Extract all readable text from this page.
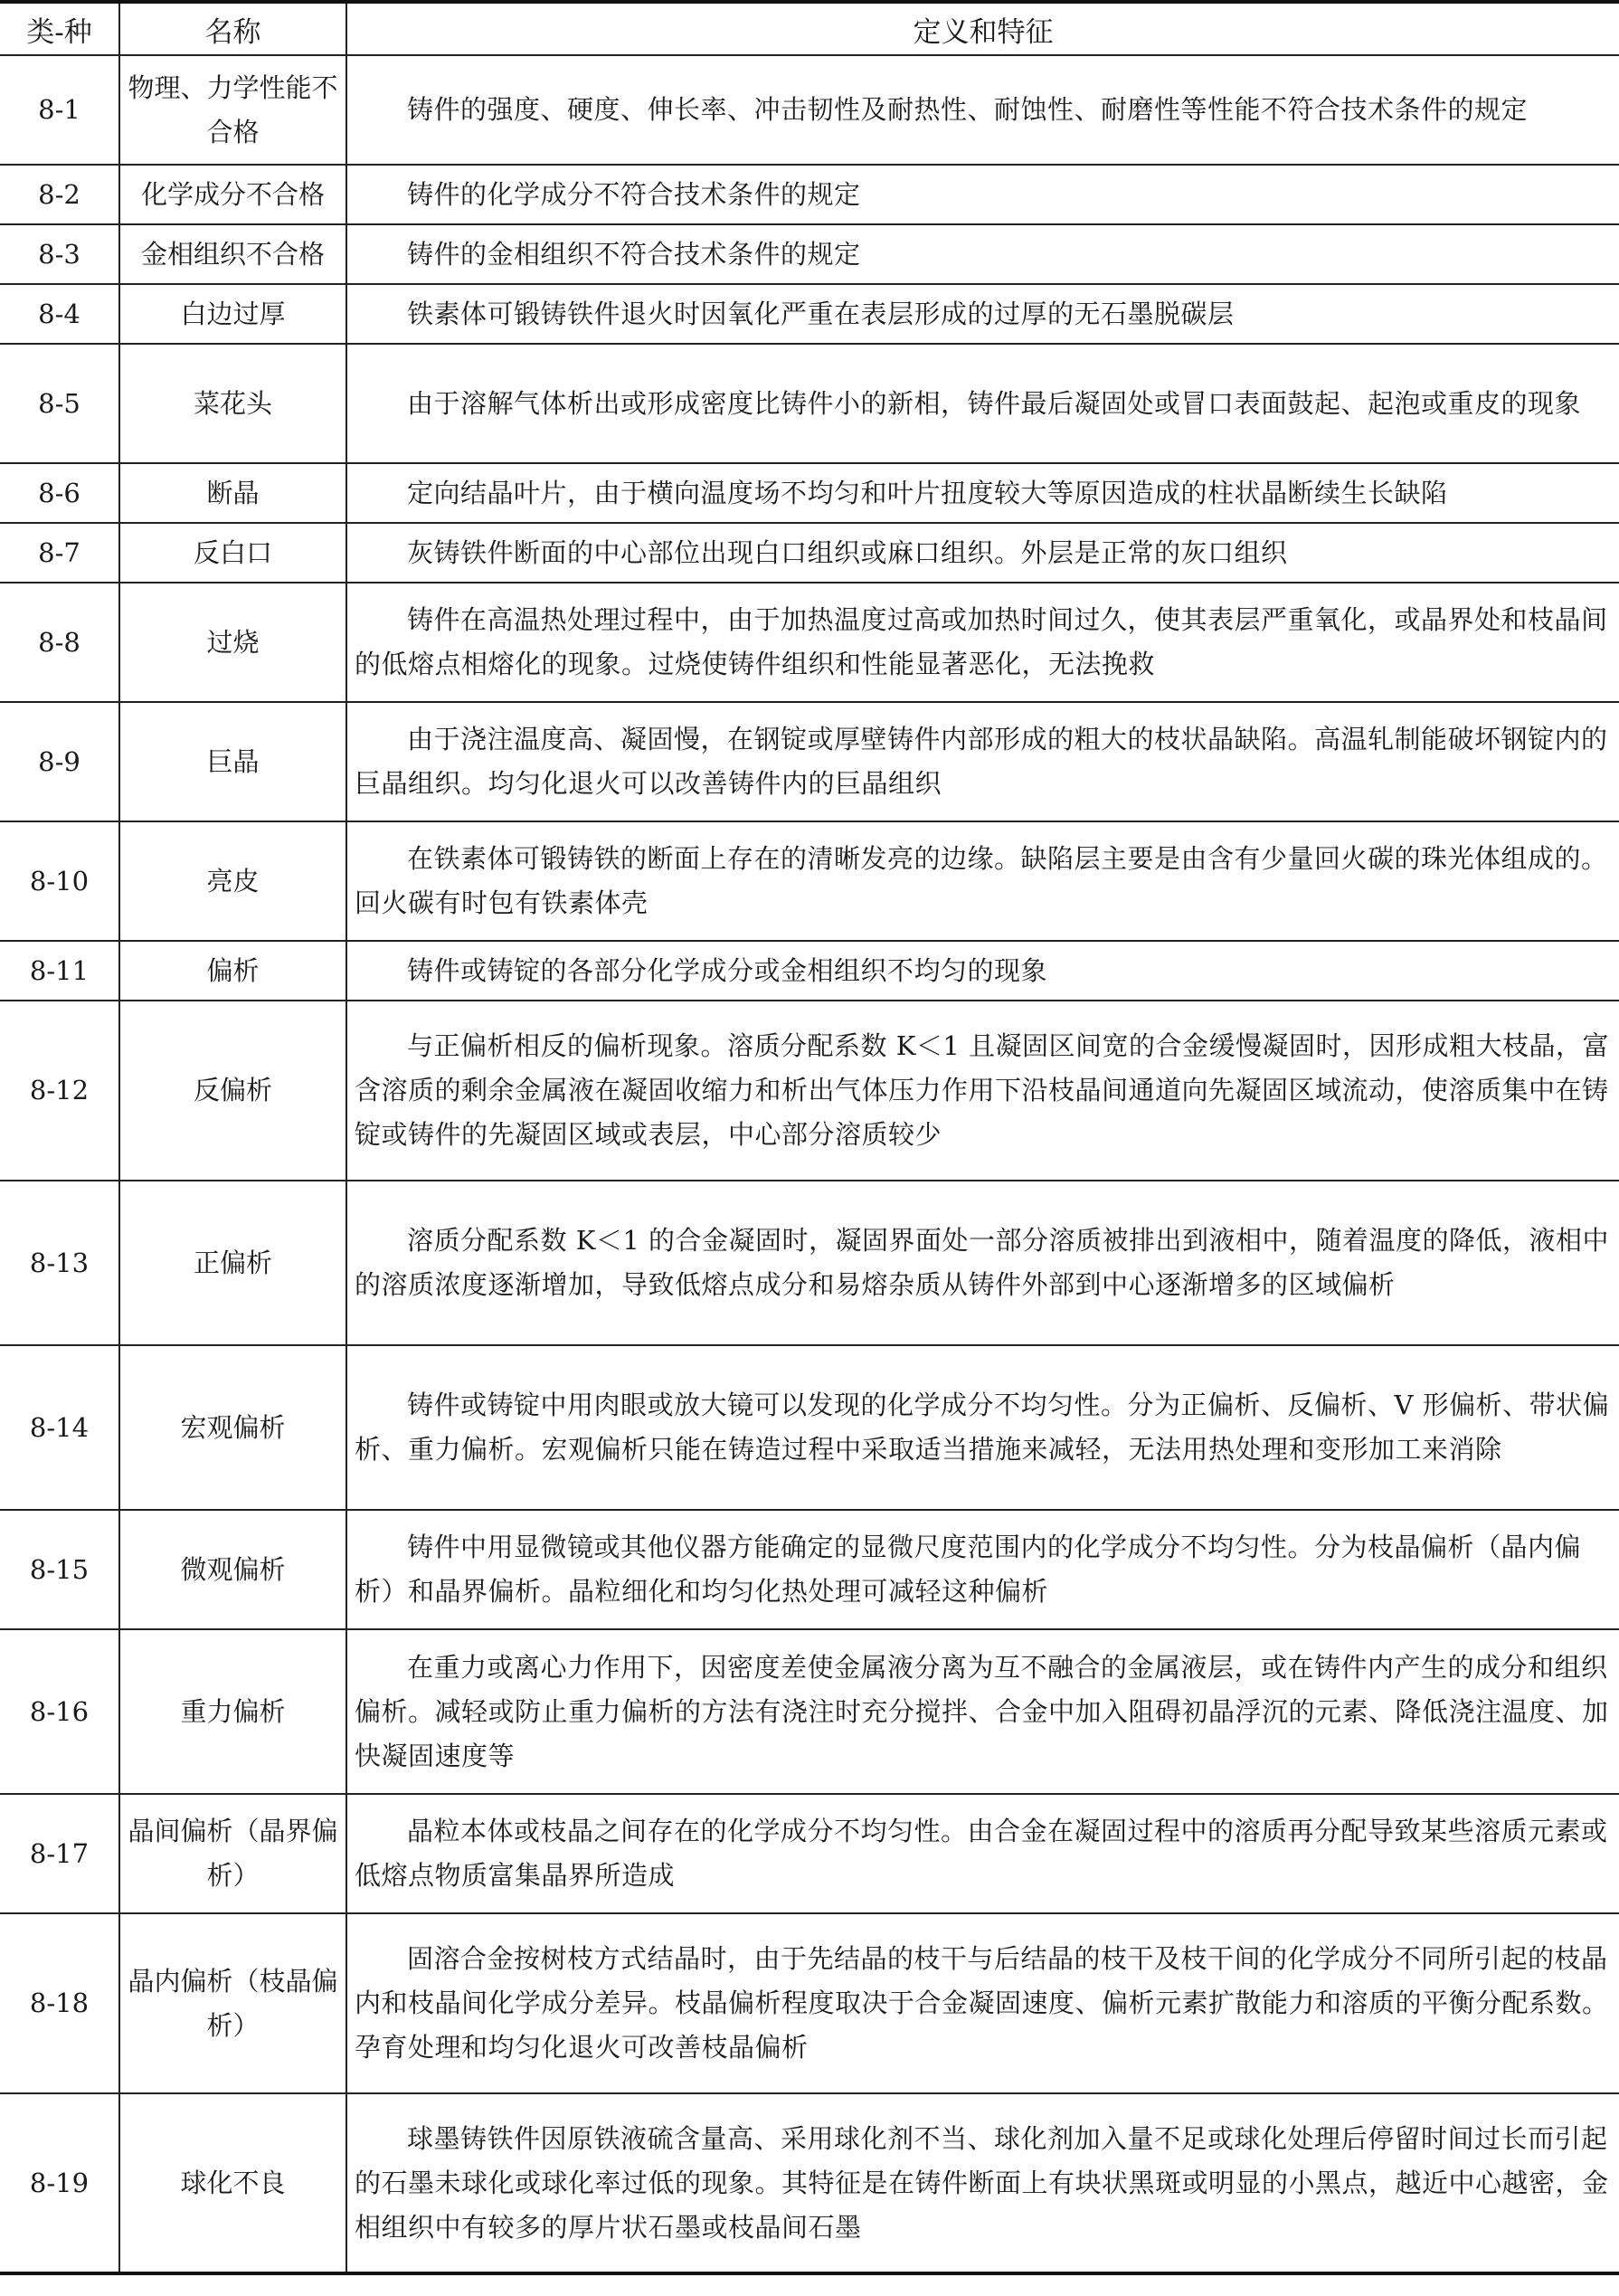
类-种	名称	定义和特征
8-1	物理、力学性能不合格	铸件的强度、硬度、伸长率、冲击韧性及耐热性、耐蚀性、耐磨性等性能不符合技术条件的规定
8-2	化学成分不合格	铸件的化学成分不符合技术条件的规定
8-3	金相组织不合格	铸件的金相组织不符合技术条件的规定
8-4	白边过厚	铁素体可锻铸铁件退火时因氧化严重在表层形成的过厚的无石墨脱碳层
8-5	菜花头	由于溶解气体析出或形成密度比铸件小的新相，铸件最后凝固处或冒口表面鼓起、起泡或重皮的现象
8-6	断晶	定向结晶叶片，由于横向温度场不均匀和叶片扭度较大等原因造成的柱状晶断续生长缺陷
8-7	反白口	灰铸铁件断面的中心部位出现白口组织或麻口组织。外层是正常的灰口组织
8-8	过烧	铸件在高温热处理过程中，由于加热温度过高或加热时间过久，使其表层严重氧化，或晶界处和枝晶间的低熔点相熔化的现象。过烧使铸件组织和性能显著恶化，无法挽救
8-9	巨晶	由于浇注温度高、凝固慢，在钢锭或厚壁铸件内部形成的粗大的枝状晶缺陷。高温轧制能破坏钢锭内的巨晶组织。均匀化退火可以改善铸件内的巨晶组织
8-10	亮皮	在铁素体可锻铸铁的断面上存在的清晰发亮的边缘。缺陷层主要是由含有少量回火碳的珠光体组成的。回火碳有时包有铁素体壳
8-11	偏析	铸件或铸锭的各部分化学成分或金相组织不均匀的现象
8-12	反偏析	与正偏析相反的偏析现象。溶质分配系数 K＜1 且凝固区间宽的合金缓慢凝固时，因形成粗大枝晶，富含溶质的剩余金属液在凝固收缩力和析出气体压力作用下沿枝晶间通道向先凝固区域流动，使溶质集中在铸锭或铸件的先凝固区域或表层，中心部分溶质较少
8-13	正偏析	溶质分配系数 K＜1 的合金凝固时，凝固界面处一部分溶质被排出到液相中，随着温度的降低，液相中的溶质浓度逐渐增加，导致低熔点成分和易熔杂质从铸件外部到中心逐渐增多的区域偏析
8-14	宏观偏析	铸件或铸锭中用肉眼或放大镜可以发现的化学成分不均匀性。分为正偏析、反偏析、V 形偏析、带状偏析、重力偏析。宏观偏析只能在铸造过程中采取适当措施来减轻，无法用热处理和变形加工来消除
8-15	微观偏析	铸件中用显微镜或其他仪器方能确定的显微尺度范围内的化学成分不均匀性。分为枝晶偏析（晶内偏析）和晶界偏析。晶粒细化和均匀化热处理可减轻这种偏析
8-16	重力偏析	在重力或离心力作用下，因密度差使金属液分离为互不融合的金属液层，或在铸件内产生的成分和组织偏析。减轻或防止重力偏析的方法有浇注时充分搅拌、合金中加入阻碍初晶浮沉的元素、降低浇注温度、加快凝固速度等
8-17	晶间偏析（晶界偏析）	晶粒本体或枝晶之间存在的化学成分不均匀性。由合金在凝固过程中的溶质再分配导致某些溶质元素或低熔点物质富集晶界所造成
8-18	晶内偏析（枝晶偏析）	固溶合金按树枝方式结晶时，由于先结晶的枝干与后结晶的枝干及枝干间的化学成分不同所引起的枝晶内和枝晶间化学成分差异。枝晶偏析程度取决于合金凝固速度、偏析元素扩散能力和溶质的平衡分配系数。孕育处理和均匀化退火可改善枝晶偏析
8-19	球化不良	球墨铸铁件因原铁液硫含量高、采用球化剂不当、球化剂加入量不足或球化处理后停留时间过长而引起的石墨未球化或球化率过低的现象。其特征是在铸件断面上有块状黑斑或明显的小黑点，越近中心越密，金相组织中有较多的厚片状石墨或枝晶间石墨
